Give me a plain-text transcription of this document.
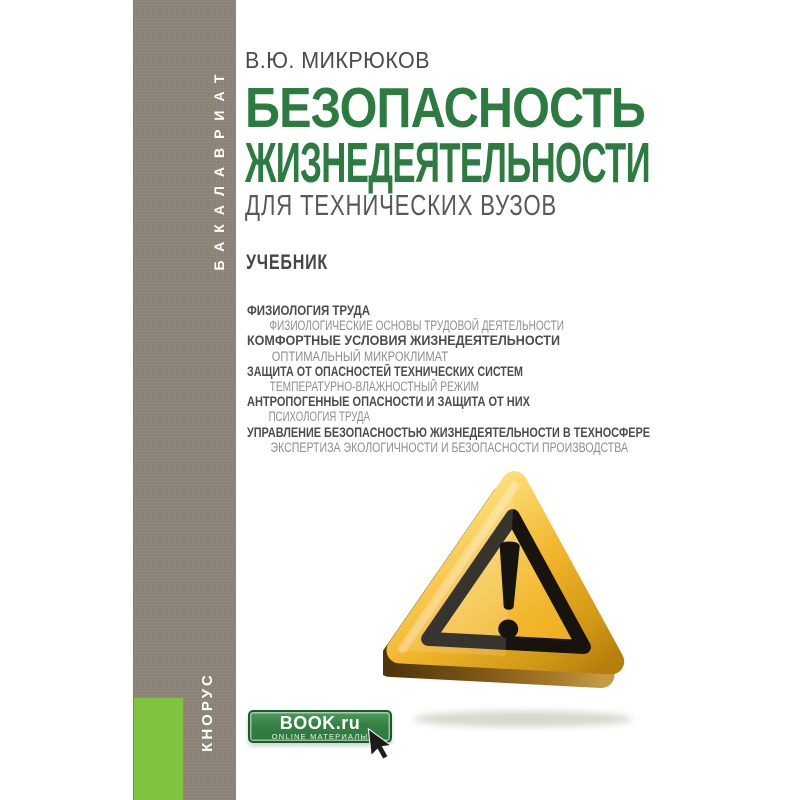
БАКАЛАВРИАТ
КНОРУС
В.Ю. МИКРЮКОВ
БЕЗОПАСНОСТЬ
ЖИЗНЕДЕЯТЕЛЬНОСТИ
ДЛЯ ТЕХНИЧЕСКИХ ВУЗОВ
УЧЕБНИК
ФИЗИОЛОГИЯ ТРУДА
ФИЗИОЛОГИЧЕСКИЕ ОСНОВЫ ТРУДОВОЙ ДЕЯТЕЛЬНОСТИ
КОМФОРТНЫЕ УСЛОВИЯ ЖИЗНЕДЕЯТЕЛЬНОСТИ
ОПТИМАЛЬНЫЙ МИКРОКЛИМАТ
ЗАЩИТА ОТ ОПАСНОСТЕЙ ТЕХНИЧЕСКИХ СИСТЕМ
ТЕМПЕРАТУРНО-ВЛАЖНОСТНЫЙ РЕЖИМ
АНТРОПОГЕННЫЕ ОПАСНОСТИ И ЗАЩИТА ОТ НИХ
ПСИХОЛОГИЯ ТРУДА
УПРАВЛЕНИЕ БЕЗОПАСНОСТЬЮ ЖИЗНЕДЕЯТЕЛЬНОСТИ В ТЕХНОСФЕРЕ
ЭКСПЕРТИЗА ЭКОЛОГИЧНОСТИ И БЕЗОПАСНОСТИ ПРОИЗВОДСТВА
BOOK.ru
ONLINE МАТЕРИАЛЫ
